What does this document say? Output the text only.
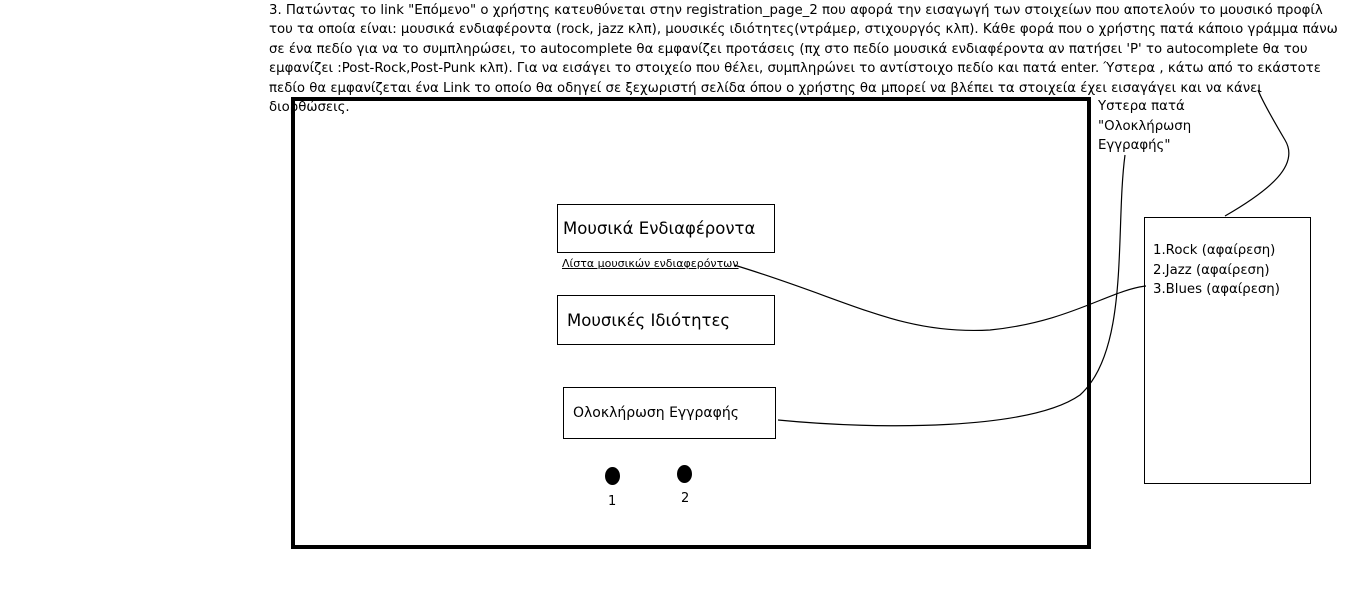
3. Πατώντας το link "Επόμενο" ο χρήστης κατευθύνεται στην registration_page_2 που αφορά την εισαγωγή των στοιχείων που αποτελούν το μουσικό προφίλ του τα οποία είναι: μουσικά ενδιαφέροντα (rock, jazz κλπ), μουσικές ιδιότητες(ντράμερ, στιχουργός κλπ). Κάθε φορά που ο χρήστης πατά κάποιο γράμμα πάνω σε ένα πεδίο για να το συμπληρώσει, το autocomplete θα εμφανίζει προτάσεις (πχ στο πεδίο μουσικά ενδιαφέροντα αν πατήσει 'P' το autocomplete θα του εμφανίζει :Post-Rock,Post-Punk κλπ). Για να εισάγει το στοιχείο που θέλει, συμπληρώνει το αντίστοιχο πεδίο και πατά enter. Ύστερα , κάτω από το εκάστοτε πεδίο θα εμφανίζεται ένα Link το οποίο θα οδηγεί σε ξεχωριστή σελίδα όπου ο χρήστης θα μπορεί να βλέπει τα στοιχεία έχει εισαγάγει και να κάνει διορθώσεις.

Μουσικά Ενδιαφέροντα
Λίστα μουσικών ενδιαφερόντων
Μουσικές Ιδιότητες
Ολοκλήρωση Εγγραφής
1	2

Υστερα πατά "Ολοκλήρωση Εγγραφής"

1.Rock (αφαίρεση)
2.Jazz (αφαίρεση)
3.Blues (αφαίρεση)
